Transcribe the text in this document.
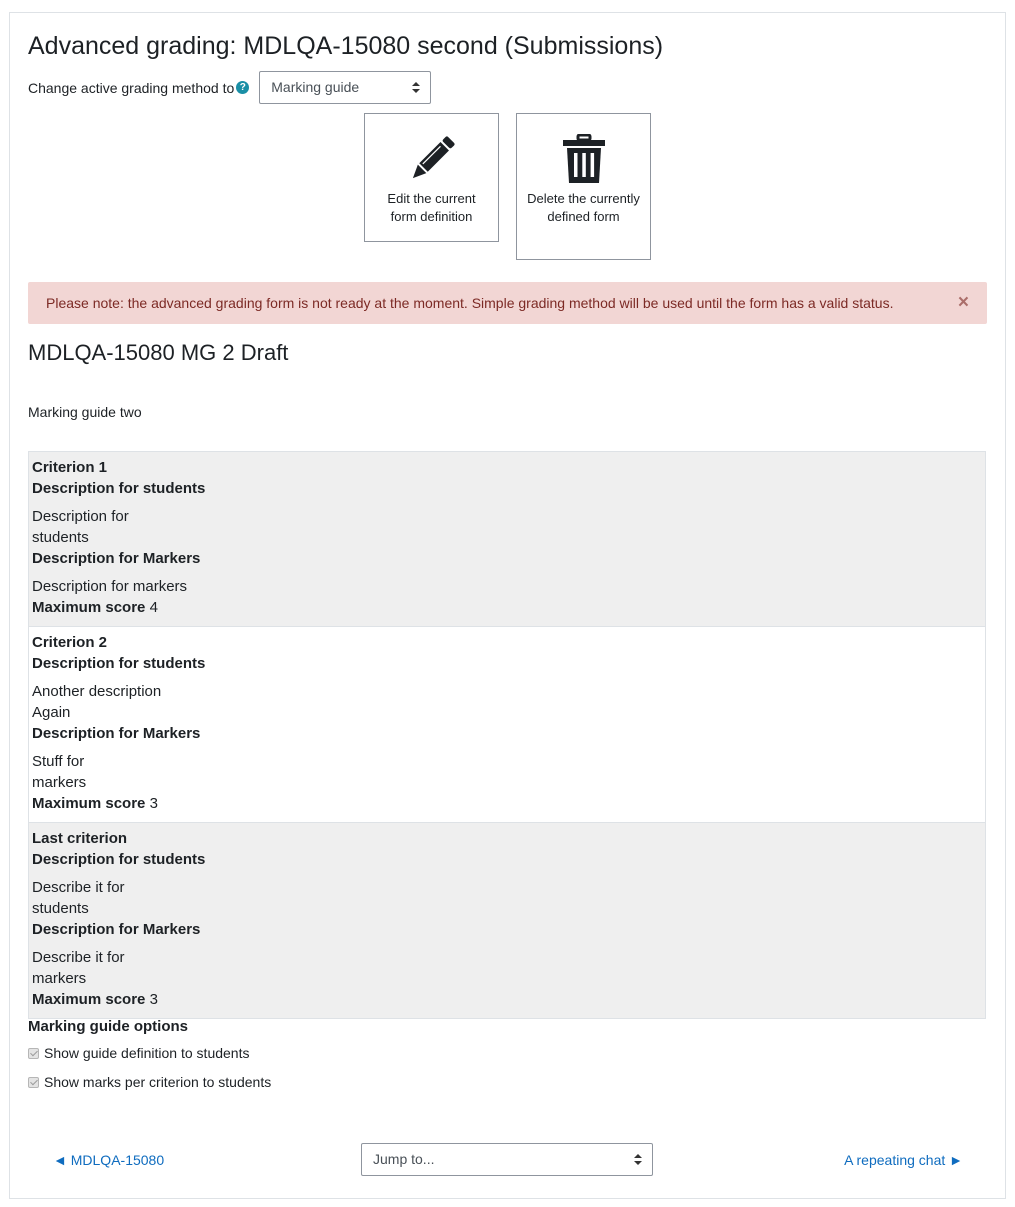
Advanced grading: MDLQA-15080 second (Submissions)
Change active grading method to ?	Marking guide
Edit the current form definition
Delete the currently defined form
Please note: the advanced grading form is not ready at the moment. Simple grading method will be used until the form has a valid status.	×
MDLQA-15080 MG 2 Draft

Marking guide two

Criterion 1
Description for students
Description for
students
Description for Markers
Description for markers
Maximum score 4
Criterion 2
Description for students
Another description
Again
Description for Markers
Stuff for
markers
Maximum score 3
Last criterion
Description for students
Describe it for
students
Description for Markers
Describe it for
markers
Maximum score 3
Marking guide options
Show guide definition to students
Show marks per criterion to students
◄ MDLQA-15080	Jump to...	A repeating chat ►
